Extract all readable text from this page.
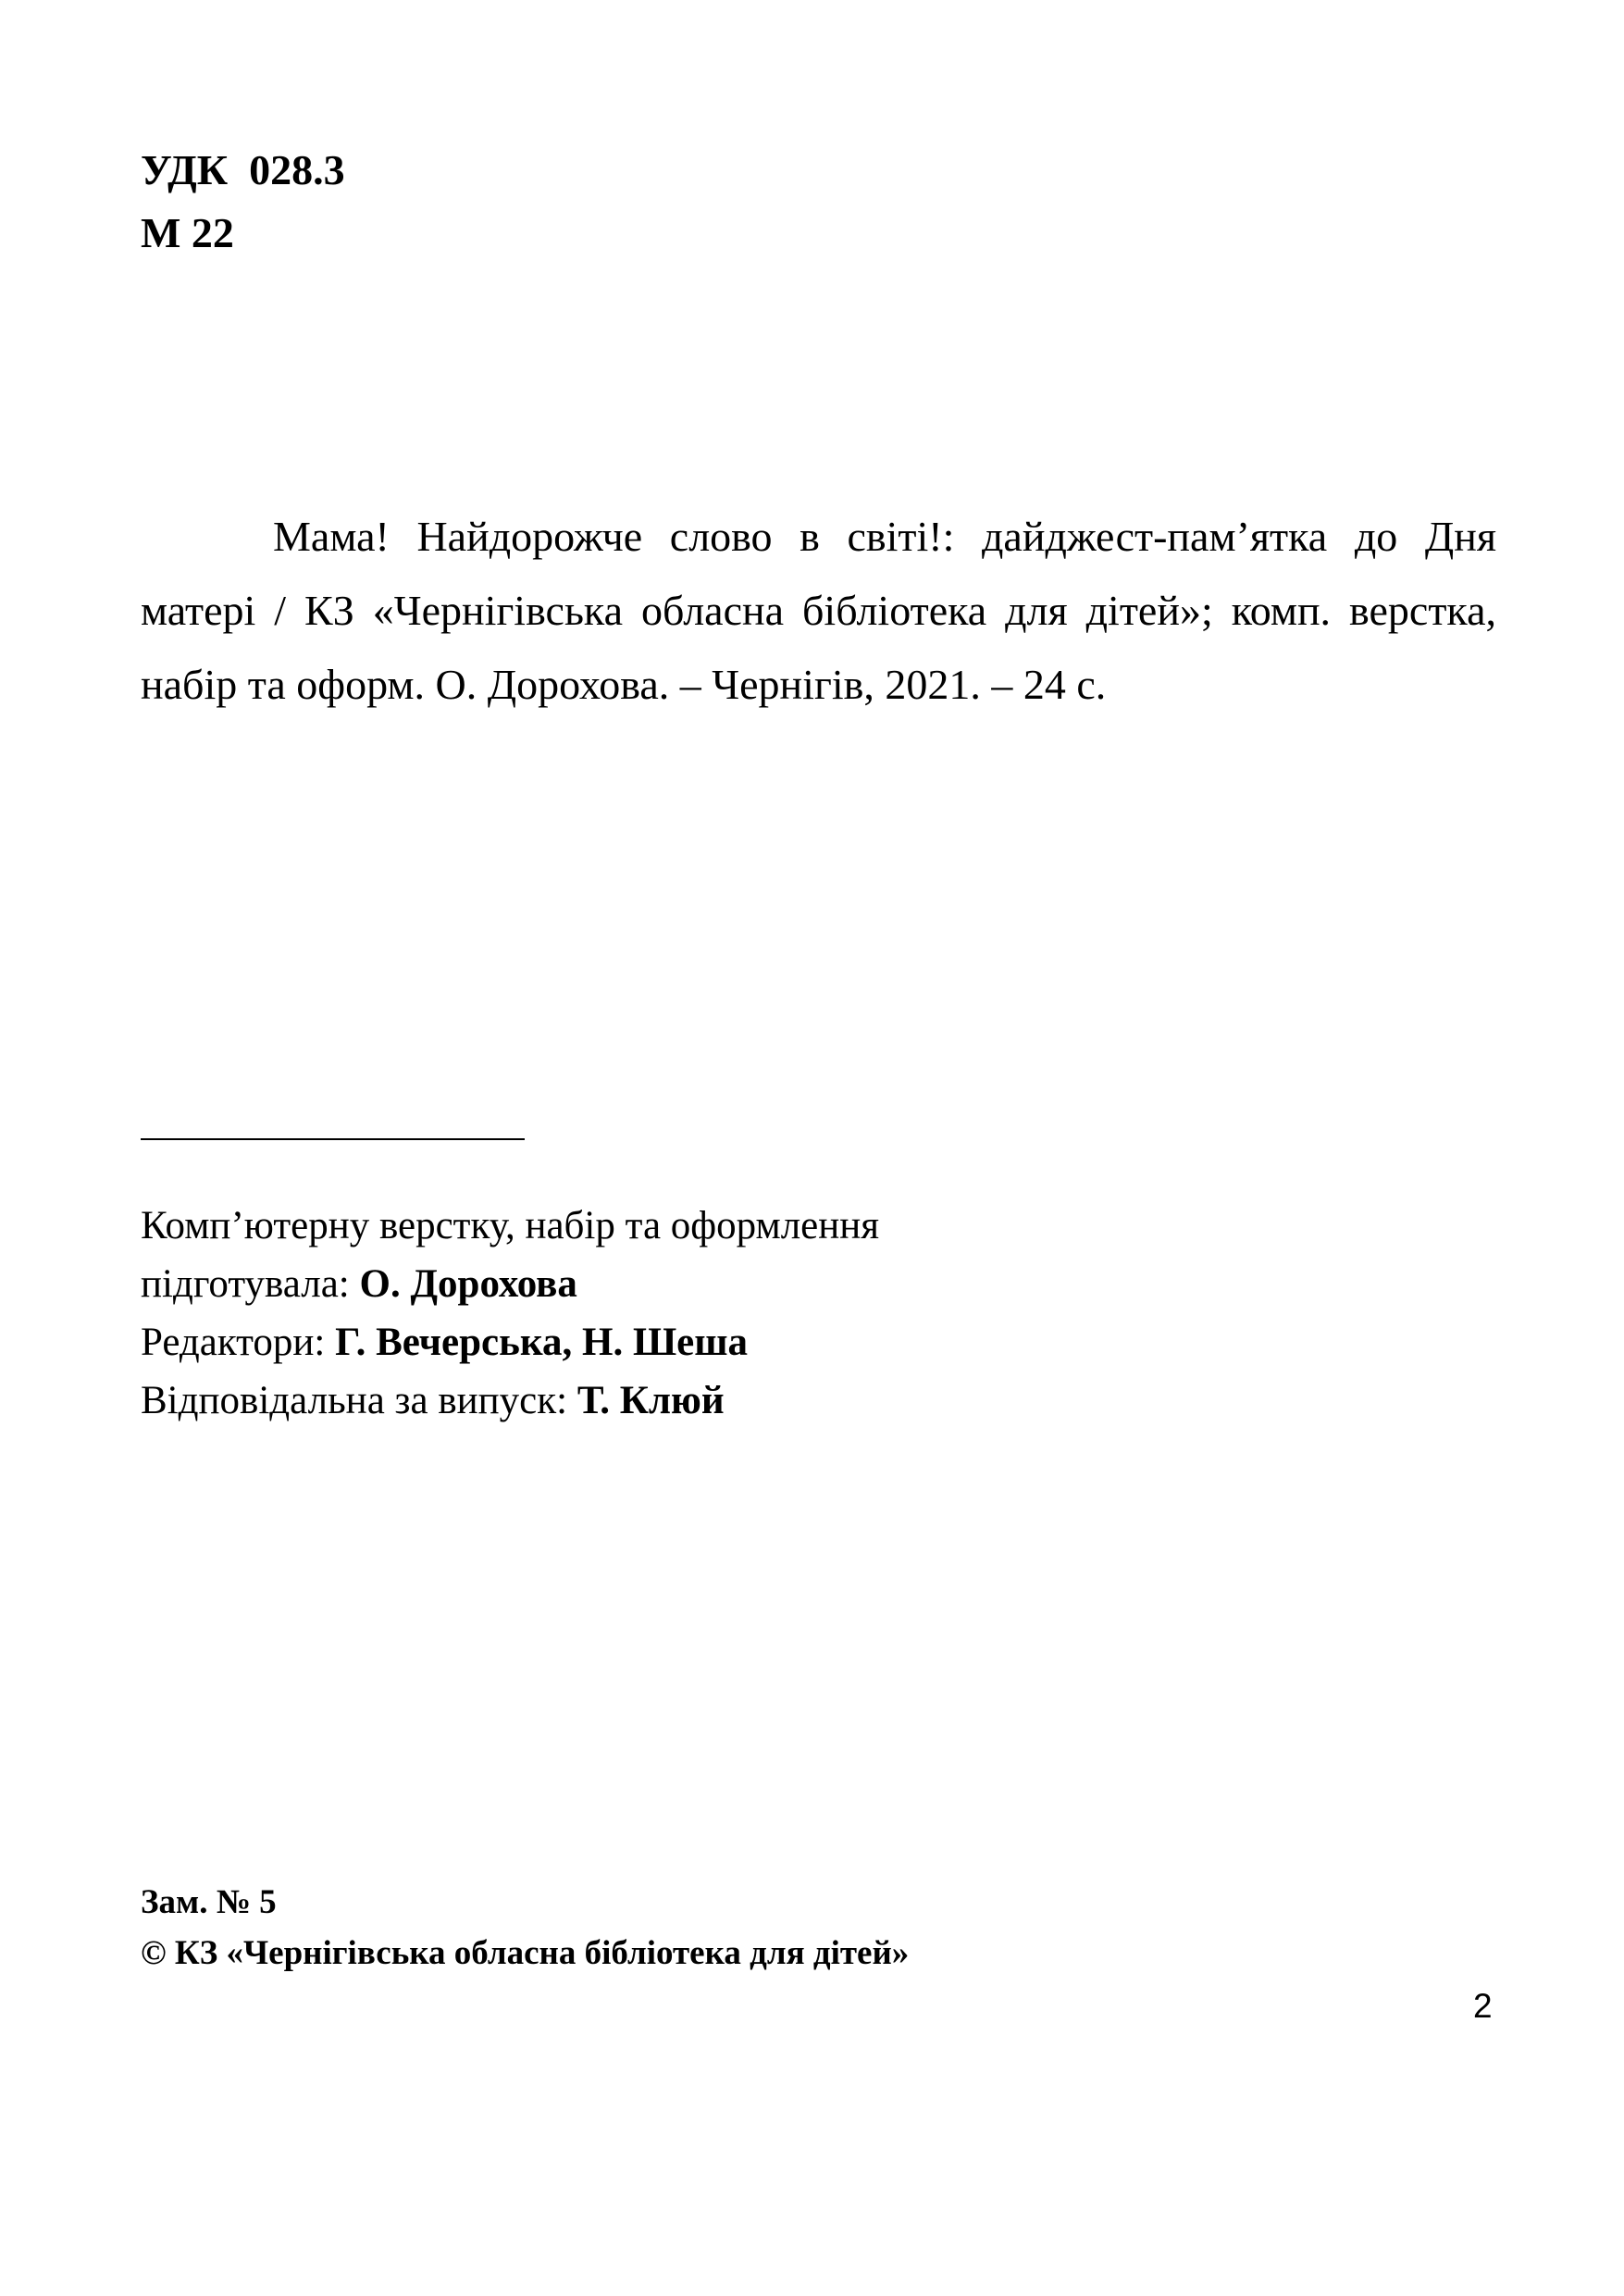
УДК  028.3
М 22
Мама! Найдорожче слово в світі!: дайджест-пам’ятка до Дня матері / КЗ «Чернігівська обласна бібліотека для дітей»; комп. верстка, набір та оформ. О. Дорохова. – Чернігів, 2021. – 24 с.
Комп’ютерну верстку, набір та оформлення
підготувала: О. Дорохова
Редактори: Г. Вечерська, Н. Шеша
Відповідальна за випуск: Т. Клюй
Зам. № 5
© КЗ «Чернігівська обласна бібліотека для дітей»
2
